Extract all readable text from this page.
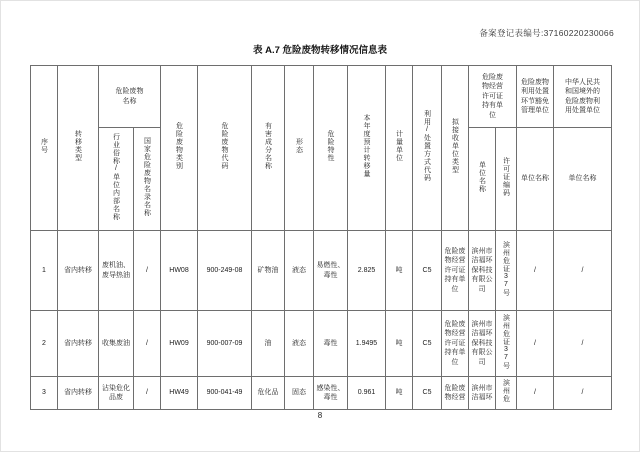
备案登记表编号:37160220230066
表 A.7 危险废物转移情况信息表
序号	转移类型	危险废物名称		危险废物类别	危险废物代码	有害成分名称	形态	危险特性	本年度预计转移量	计量单位	利用/处置方式代码	拟接收单位类型	危险废物经营许可证持有单位		危险废物利用处置环节豁免管理单位	中华人民共和国境外的危险废物利用处置单位
		行业俗称/单位内部名称	国家危险废物名录名称										单位名称	许可证编码	单位名称	单位名称
1	省内转移	废机油、废导热油	/	HW08	900-249-08	矿物油	液态	易燃性、毒性	2.825	吨	C5	危险废物经营许可证持有单位	滨州市洁福环保科技有限公司	滨州危证37号	/	/
2	省内转移	收集废油	/	HW09	900-007-09	油	液态	毒性	1.9495	吨	C5	危险废物经营许可证持有单位	滨州市洁福环保科技有限公司	滨州危证37号	/	/
3	省内转移	沾染危化品废	/	HW49	900-041-49	危化品	固态	感染性、毒性	0.961	吨	C5	危险废物经营	滨州市洁福环	滨州危	/	/
8
